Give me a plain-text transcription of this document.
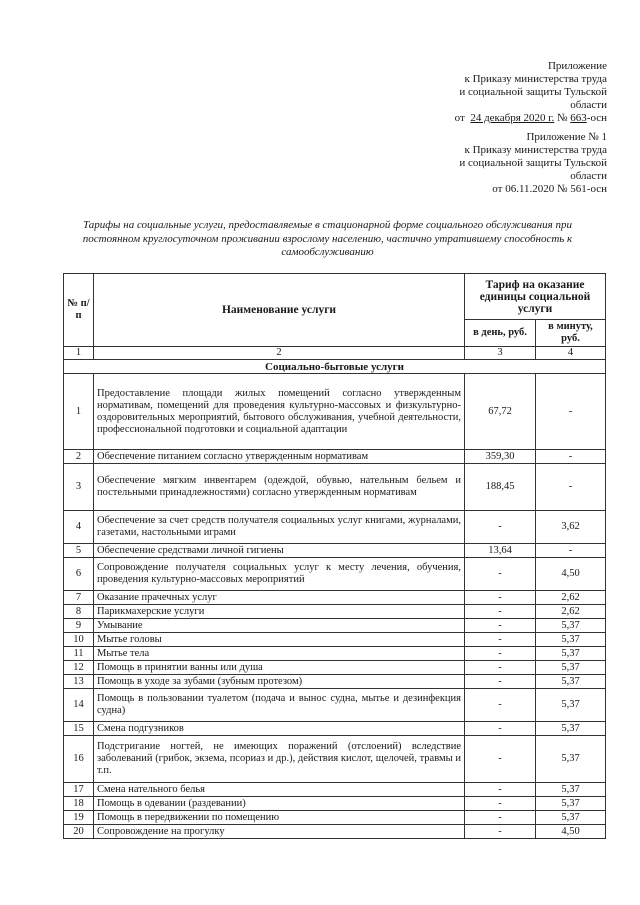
Приложение
к Приказу министерства труда
и социальной защиты Тульской
области
от 24 декабря 2020 г. № 663-осн
Приложение № 1
к Приказу министерства труда
и социальной защиты Тульской
области
от 06.11.2020 № 561-осн
Тарифы на социальные услуги, предоставляемые в стационарной форме социального обслуживания при постоянном круглосуточном проживании взрослому населению, частично утратившему способность к самообслуживанию
№ п/п	Наименование услуги	Тариф на оказание единицы социальной услуги	
		в день, руб.	в минуту, руб.
1	2	3	4
Социально-бытовые услуги			
1	Предоставление площади жилых помещений согласно утвержденным нормативам, помещений для проведения культурно-массовых и физкультурно-оздоровительных мероприятий, бытового обслуживания, учебной деятельности, профессиональной подготовки и социальной адаптации	67,72	-
2	Обеспечение питанием согласно утвержденным нормативам	359,30	-
3	Обеспечение мягким инвентарем (одеждой, обувью, нательным бельем и постельными принадлежностями) согласно утвержденным нормативам	188,45	-
4	Обеспечение за счет средств получателя социальных услуг книгами, журналами, газетами, настольными играми	-	3,62
5	Обеспечение средствами личной гигиены	13,64	-
6	Сопровождение получателя социальных услуг к месту лечения, обучения, проведения культурно-массовых мероприятий	-	4,50
7	Оказание прачечных услуг	-	2,62
8	Парикмахерские услуги	-	2,62
9	Умывание	-	5,37
10	Мытье головы	-	5,37
11	Мытье тела	-	5,37
12	Помощь в принятии ванны или душа	-	5,37
13	Помощь в уходе за зубами (зубным протезом)	-	5,37
14	Помощь в пользовании туалетом (подача и вынос судна, мытье и дезинфекция судна)	-	5,37
15	Смена подгузников	-	5,37
16	Подстригание ногтей, не имеющих поражений (отслоений) вследствие заболеваний (грибок, экзема, псориаз и др.), действия кислот, щелочей, травмы и т.п.	-	5,37
17	Смена нательного белья	-	5,37
18	Помощь в одевании (раздевании)	-	5,37
19	Помощь в передвижении по помещению	-	5,37
20	Сопровождение на прогулку	-	4,50
